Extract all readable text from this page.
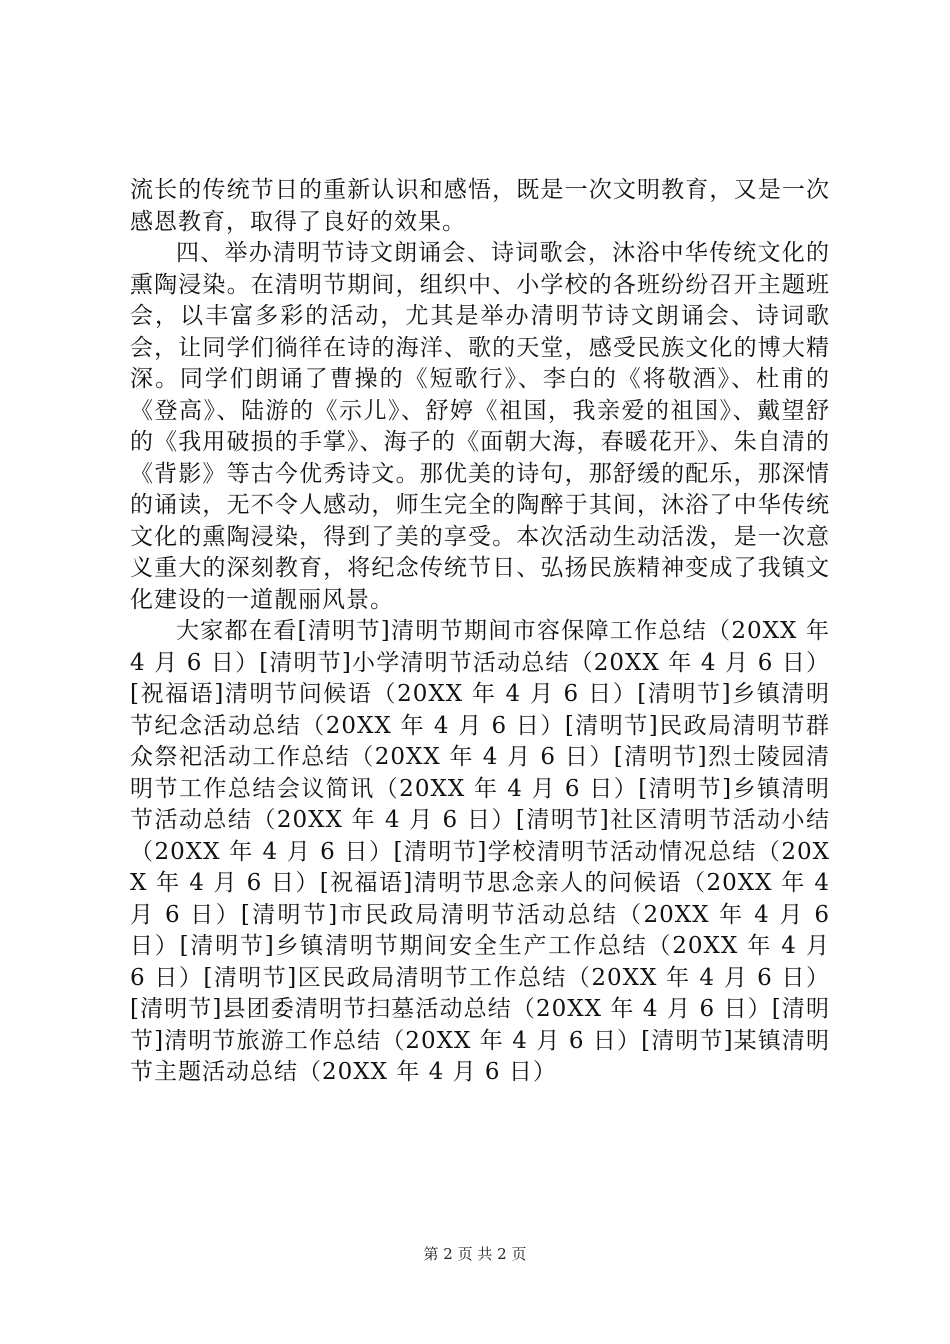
流长的传统节日的重新认识和感悟，既是一次文明教育，又是一次感恩教育，取得了良好的效果。

四、举办清明节诗文朗诵会、诗词歌会，沐浴中华传统文化的熏陶浸染。在清明节期间，组织中、小学校的各班纷纷召开主题班会，以丰富多彩的活动，尤其是举办清明节诗文朗诵会、诗词歌会，让同学们徜徉在诗的海洋、歌的天堂，感受民族文化的博大精深。同学们朗诵了曹操的《短歌行》、李白的《将敬酒》、杜甫的《登高》、陆游的《示儿》、舒婷《祖国，我亲爱的祖国》、戴望舒的《我用破损的手掌》、海子的《面朝大海，春暖花开》、朱自清的《背影》等古今优秀诗文。那优美的诗句，那舒缓的配乐，那深情的诵读，无不令人感动，师生完全的陶醉于其间，沐浴了中华传统文化的熏陶浸染，得到了美的享受。本次活动生动活泼，是一次意义重大的深刻教育，将纪念传统节日、弘扬民族精神变成了我镇文化建设的一道靓丽风景。

大家都在看[清明节]清明节期间市容保障工作总结（20XX 年 4 月 6 日）[清明节]小学清明节活动总结（20XX 年 4 月 6 日）[祝福语]清明节问候语（20XX 年 4 月 6 日）[清明节]乡镇清明节纪念活动总结（20XX 年 4 月 6 日）[清明节]民政局清明节群众祭祀活动工作总结（20XX 年 4 月 6 日）[清明节]烈士陵园清明节工作总结会议简讯（20XX 年 4 月 6 日）[清明节]乡镇清明节活动总结（20XX 年 4 月 6 日）[清明节]社区清明节活动小结（20XX 年 4 月 6 日）[清明节]学校清明节活动情况总结（20XX 年 4 月 6 日）[祝福语]清明节思念亲人的问候语（20XX 年 4 月 6 日）[清明节]市民政局清明节活动总结（20XX 年 4 月 6 日）[清明节]乡镇清明节期间安全生产工作总结（20XX 年 4 月 6 日）[清明节]区民政局清明节工作总结（20XX 年 4 月 6 日）[清明节]县团委清明节扫墓活动总结（20XX 年 4 月 6 日）[清明节]清明节旅游工作总结（20XX 年 4 月 6 日）[清明节]某镇清明节主题活动总结（20XX 年 4 月 6 日）

第 2 页 共 2 页
